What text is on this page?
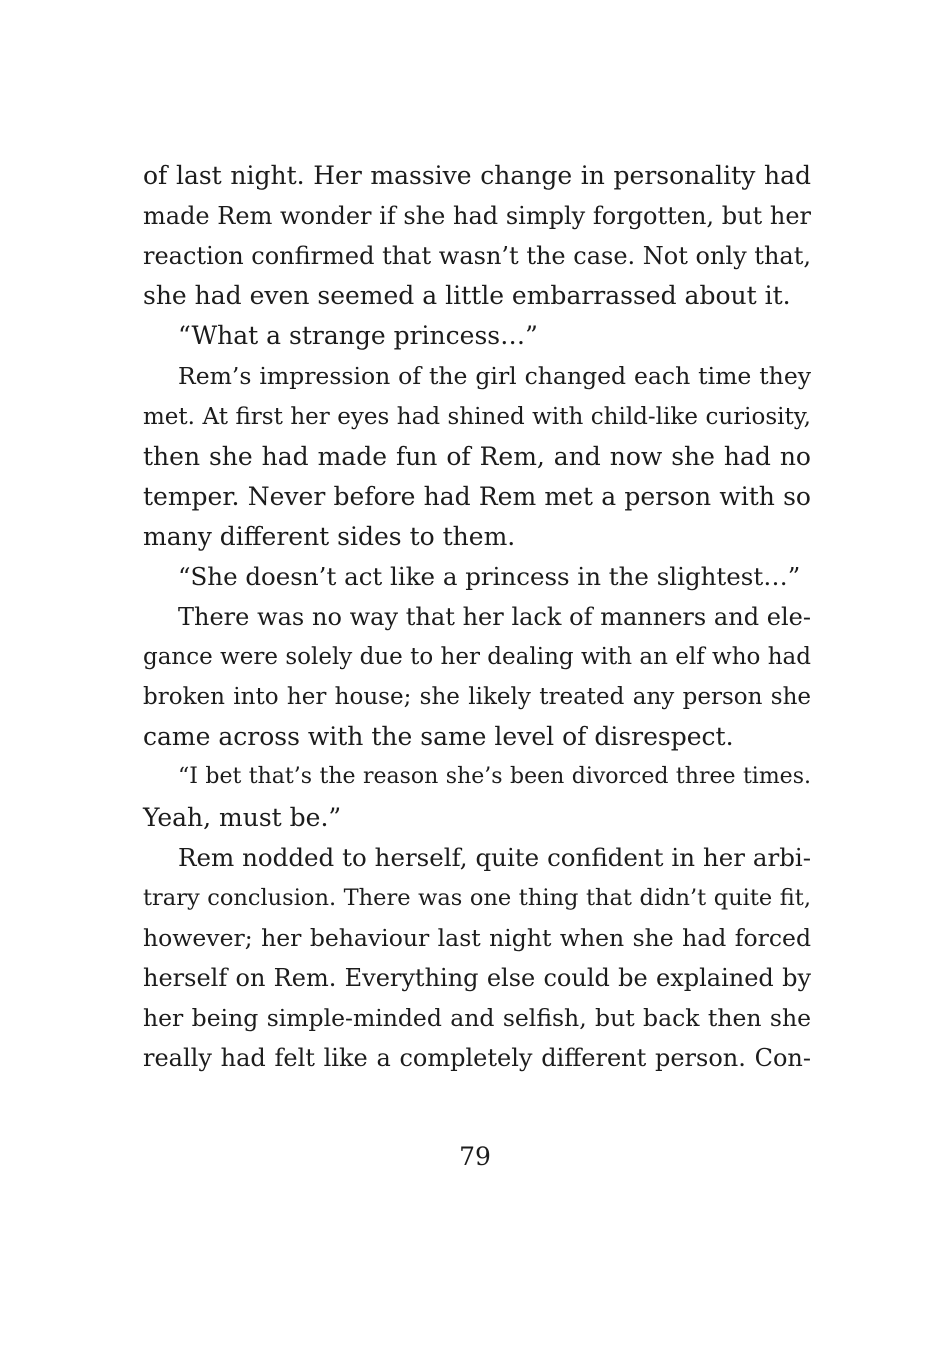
of last night. Her massive change in personality had
made Rem wonder if she had simply forgotten, but her
reaction confirmed that wasn’t the case. Not only that,
she had even seemed a little embarrassed about it.
“What a strange princess…”
Rem’s impression of the girl changed each time they
met. At first her eyes had shined with child-like curiosity,
then she had made fun of Rem, and now she had no
temper. Never before had Rem met a person with so
many different sides to them.
“She doesn’t act like a princess in the slightest…”
There was no way that her lack of manners and ele-
gance were solely due to her dealing with an elf who had
broken into her house; she likely treated any person she
came across with the same level of disrespect.
“I bet that’s the reason she’s been divorced three times.
Yeah, must be.”
Rem nodded to herself, quite confident in her arbi-
trary conclusion. There was one thing that didn’t quite fit,
however; her behaviour last night when she had forced
herself on Rem. Everything else could be explained by
her being simple-minded and selfish, but back then she
really had felt like a completely different person. Con-
79
